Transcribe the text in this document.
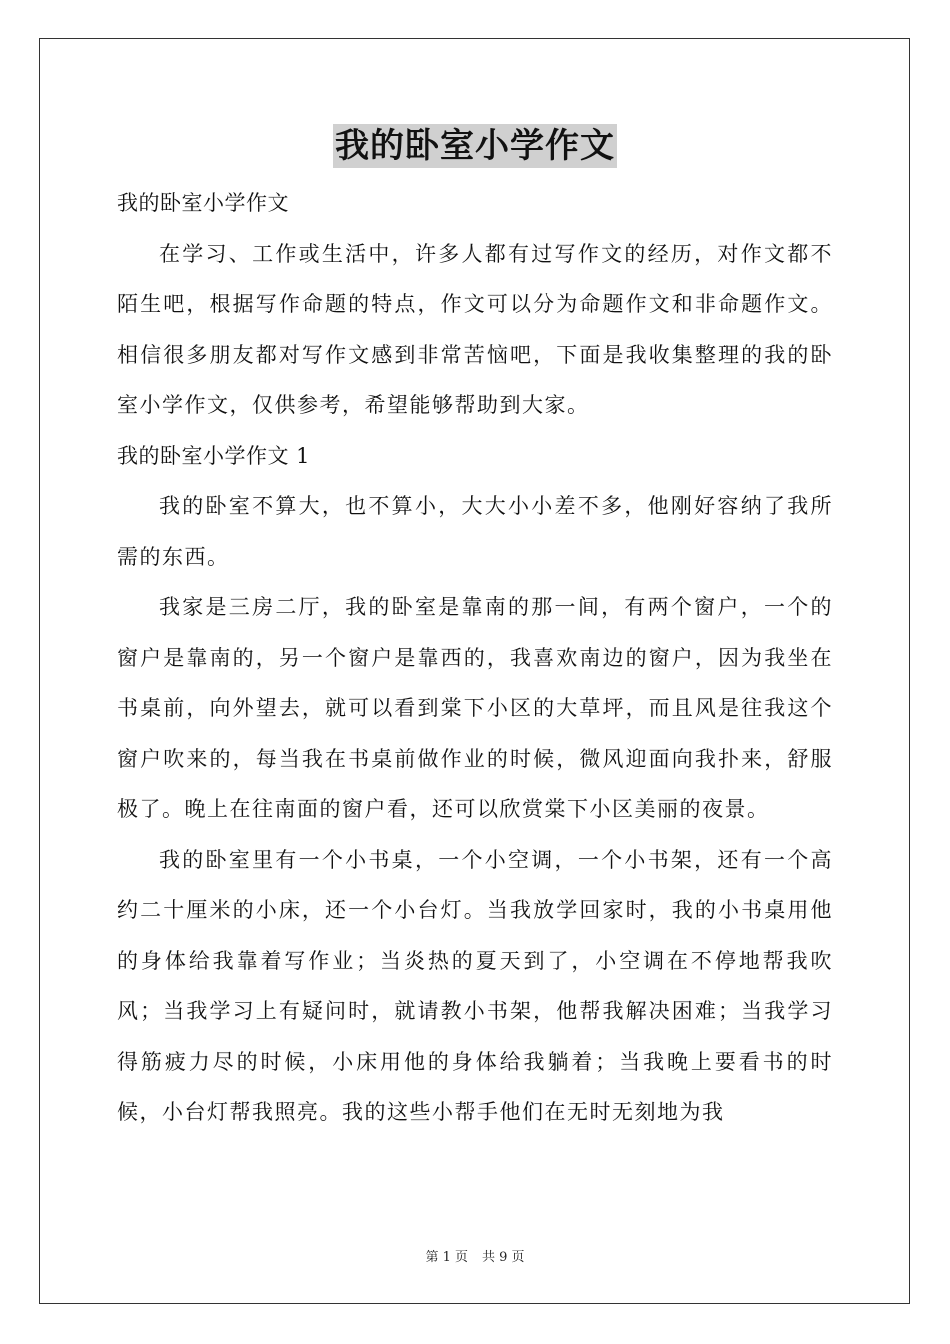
我的卧室小学作文

我的卧室小学作文

在学习、工作或生活中，许多人都有过写作文的经历，对作文都不陌生吧，根据写作命题的特点，作文可以分为命题作文和非命题作文。相信很多朋友都对写作文感到非常苦恼吧，下面是我收集整理的我的卧室小学作文，仅供参考，希望能够帮助到大家。

我的卧室小学作文 1

我的卧室不算大，也不算小，大大小小差不多，他刚好容纳了我所需的东西。

我家是三房二厅，我的卧室是靠南的那一间，有两个窗户，一个的窗户是靠南的，另一个窗户是靠西的，我喜欢南边的窗户，因为我坐在书桌前，向外望去，就可以看到棠下小区的大草坪，而且风是往我这个窗户吹来的，每当我在书桌前做作业的时候，微风迎面向我扑来，舒服极了。晚上在往南面的窗户看，还可以欣赏棠下小区美丽的夜景。

我的卧室里有一个小书桌，一个小空调，一个小书架，还有一个高约二十厘米的小床，还一个小台灯。当我放学回家时，我的小书桌用他的身体给我靠着写作业；当炎热的夏天到了，小空调在不停地帮我吹风；当我学习上有疑问时，就请教小书架，他帮我解决困难；当我学习得筋疲力尽的时候，小床用他的身体给我躺着；当我晚上要看书的时候，小台灯帮我照亮。我的这些小帮手他们在无时无刻地为我

第 1 页 共 9 页
